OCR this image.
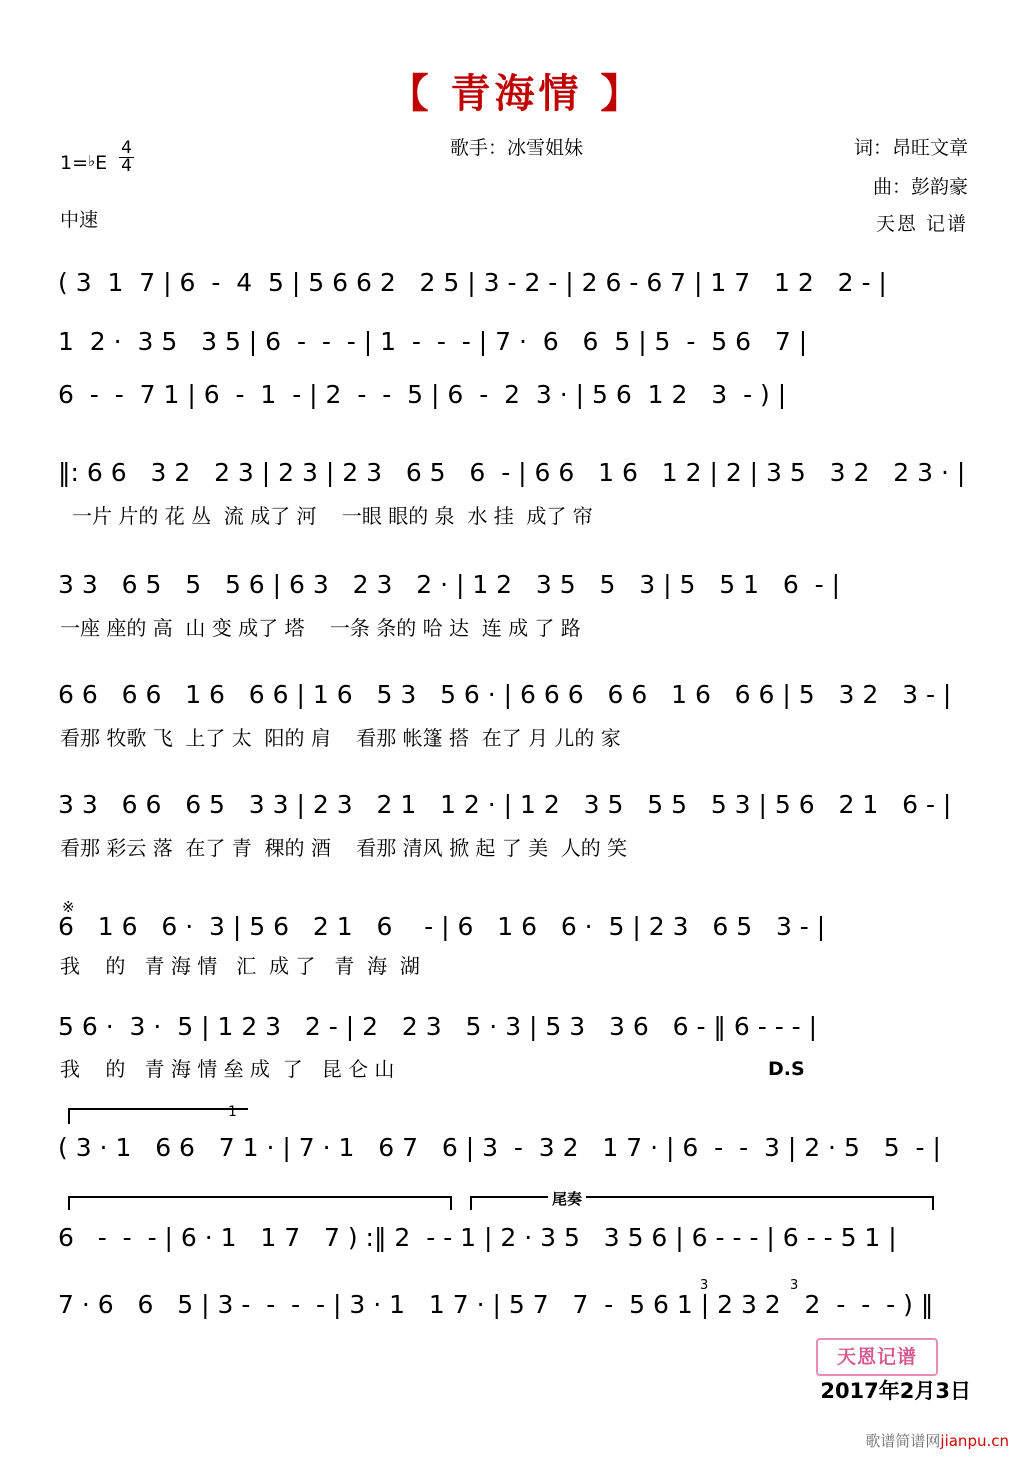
【 青海情 】
歌手：冰雪姐妹	词：昂旺文章
曲：彭韵豪
天恩 记谱
1=♭E $\frac{4}{4}$
中速
( 3  1  7 | 6  -  4  5 | 5 6 6 2   2 5 | 3 - 2 - | 2 6 - 6 7 | 1 7   1 2   2 - |
1  2 ·  3 5   3 5 | 6  -  -  - | 1  -  -  - | 7 ·  6   6  5 | 5  -  5 6   7 |
6  -  -  7 1 | 6  -  1  - | 2  -  -  5 | 6  -  2  3 · | 5 6  1 2   3  - ) |
‖: 6 6   3 2   2 3 | 2 3 | 2 3   6 5   6  - | 6 6   1 6   1 2 | 2 | 3 5   3 2   2 3 · |
一片 片的 花 丛  流 成了 河    一眼 眼的 泉  水 挂  成了 帘
3 3   6 5   5   5 6 | 6 3   2 3   2 · | 1 2   3 5   5   3 | 5   5 1   6  - |
一座 座的 高  山 变 成了 塔    一条 条的 哈 达  连 成 了 路
6 6   6 6   1 6   6 6 | 1 6   5 3   5 6 · | 6 6 6   6 6   1 6   6 6 | 5   3 2   3 - |
看那 牧歌 飞  上了 太  阳的 肩    看那 帐篷 搭  在了 月 儿的 家
3 3   6 6   6 5   3 3 | 2 3   2 1   1 2 · | 1 2   3 5   5 5   5 3 | 5 6   2 1   6 - |
看那 彩云 落  在了 青  稞的 酒    看那 清风 掀 起 了 美  人的 笑
※
6   1 6   6 ·  3 | 5 6   2 1   6    - | 6   1 6   6 ·  5 | 2 3   6 5   3 - |
我    的   青 海 情   汇  成 了   青  海  湖
5 6 ·  3 ·  5 | 1 2 3   2 - | 2   2 3   5 · 3 | 5 3   3 6   6 - ‖ 6 - - - |
我    的   青 海 情 垒 成  了   昆 仑 山	D.S
1
( 3 · 1   6 6   7 1 · | 7 · 1   6 7   6 | 3  -  3 2   1 7 · | 6  -  -  3 | 2 · 5   5  - |
尾奏
6   -  -  - | 6 · 1   1 7   7 ) :‖ 2  - - 1 | 2 · 3 5   3 5 6 | 6 - - - | 6 - - 5 1 |
7 · 6   6   5 | 3 -  -  -  - | 3 · 1   1 7 · | 5 7   7  -  5 6 1 | 2 3 2   2  -  -  - ) ‖
3	3
天恩记谱
2017年2月3日
歌谱简谱网jianpu.cn
